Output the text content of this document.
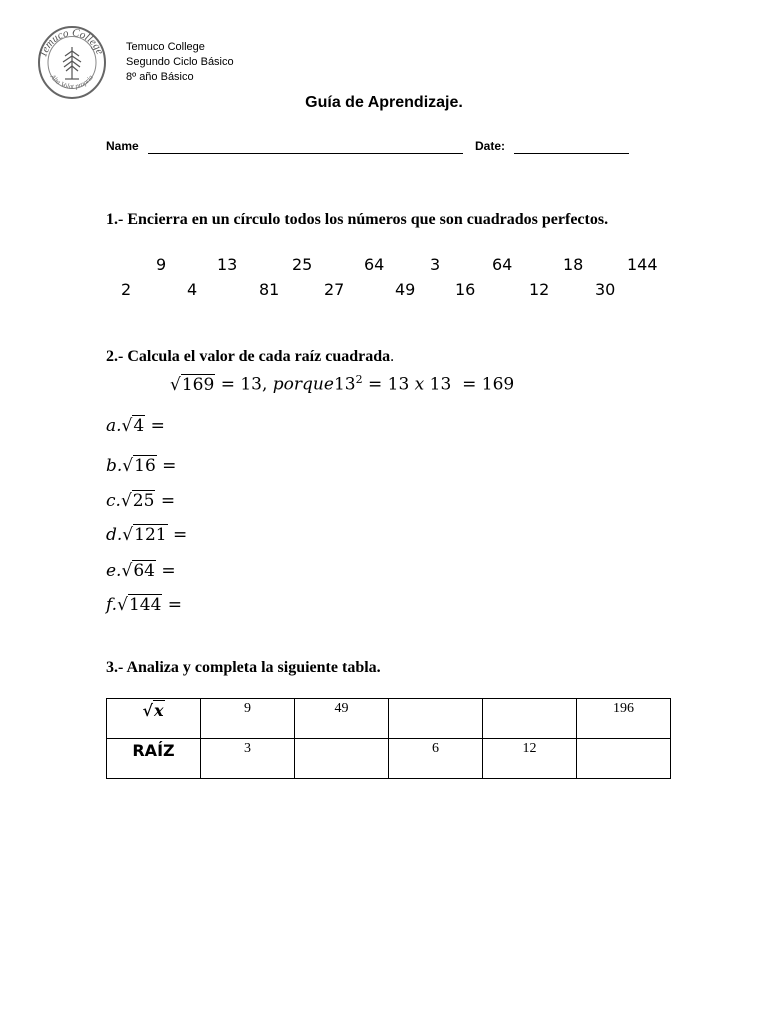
Temuco College
Alta Volat propria
Temuco College
Segundo Ciclo Básico
8º año Básico
Guía de Aprendizaje.
Name	Date:
1.- Encierra en un círculo todos los números que son cuadrados perfectos.
9	13	25	64	3	64	18	144
2	4	81	27	49 16	12	30
2.- Calcula el valor de cada raíz cuadrada.
√169 = 13, $porque13^2 = 13$ x 13  = 169
a.√4 =
b.√16 =
c.√25 =
d.√121 =
e.√64 =
f.√144 =
3.- Analiza y completa la siguiente tabla.
√x	9	49			196
RAÍZ	3		6	12	
